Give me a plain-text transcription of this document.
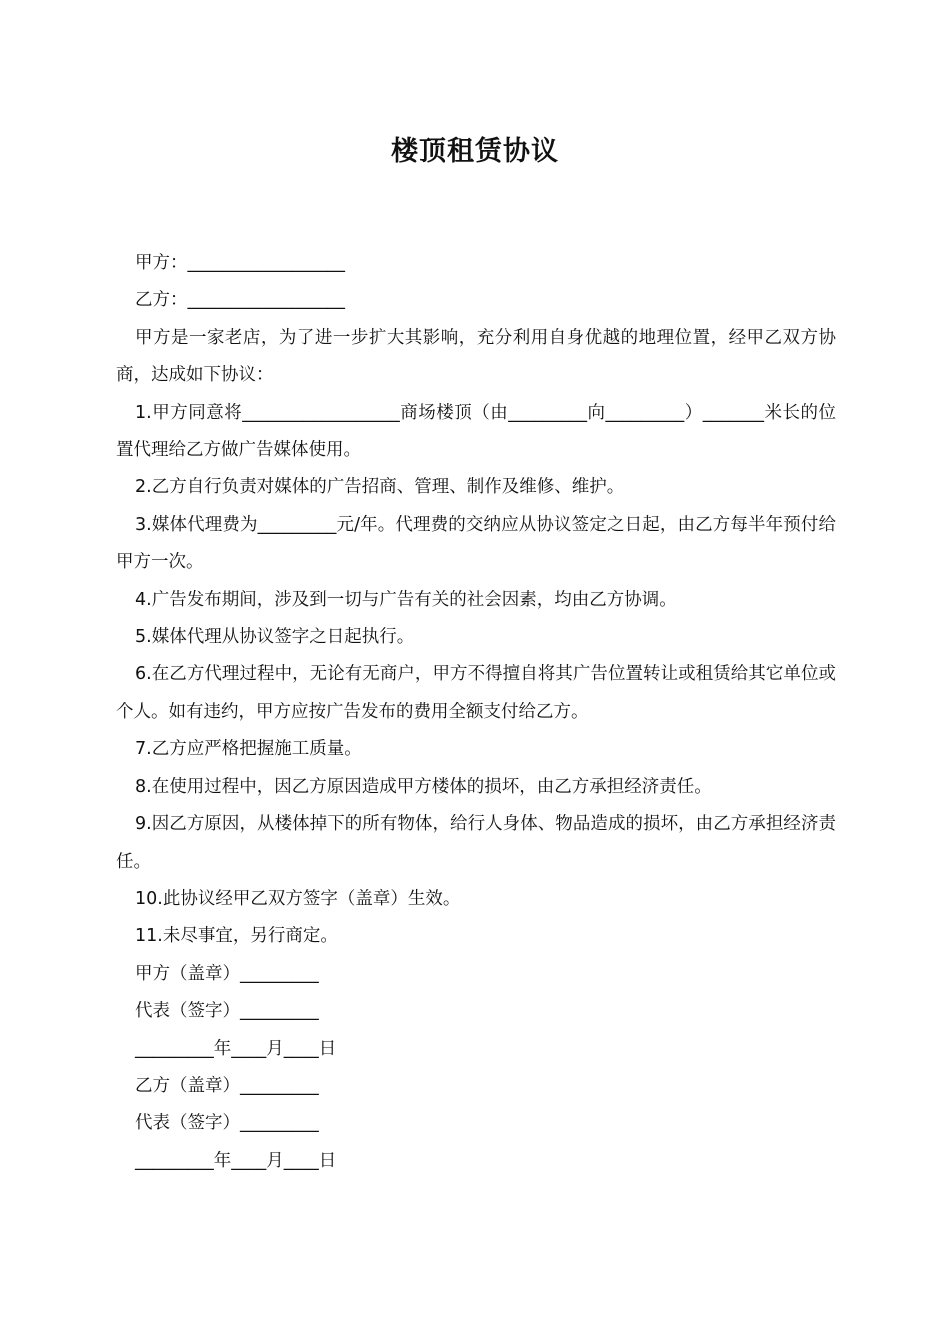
楼顶租赁协议

甲方：__________________

乙方：__________________

甲方是一家老店，为了进一步扩大其影响，充分利用自身优越的地理位置，经甲乙双方协商，达成如下协议：

1.甲方同意将__________________商场楼顶（由_________向_________）_______米长的位置代理给乙方做广告媒体使用。

2.乙方自行负责对媒体的广告招商、管理、制作及维修、维护。

3.媒体代理费为_________元/年。代理费的交纳应从协议签定之日起，由乙方每半年预付给甲方一次。

4.广告发布期间，涉及到一切与广告有关的社会因素，均由乙方协调。

5.媒体代理从协议签字之日起执行。

6.在乙方代理过程中，无论有无商户，甲方不得擅自将其广告位置转让或租赁给其它单位或个人。如有违约，甲方应按广告发布的费用全额支付给乙方。

7.乙方应严格把握施工质量。

8.在使用过程中，因乙方原因造成甲方楼体的损坏，由乙方承担经济责任。

9.因乙方原因，从楼体掉下的所有物体，给行人身体、物品造成的损坏，由乙方承担经济责任。

10.此协议经甲乙双方签字（盖章）生效。

11.未尽事宜，另行商定。

甲方（盖章）_________

代表（签字）_________

_________年____月____日

乙方（盖章）_________

代表（签字）_________

_________年____月____日
